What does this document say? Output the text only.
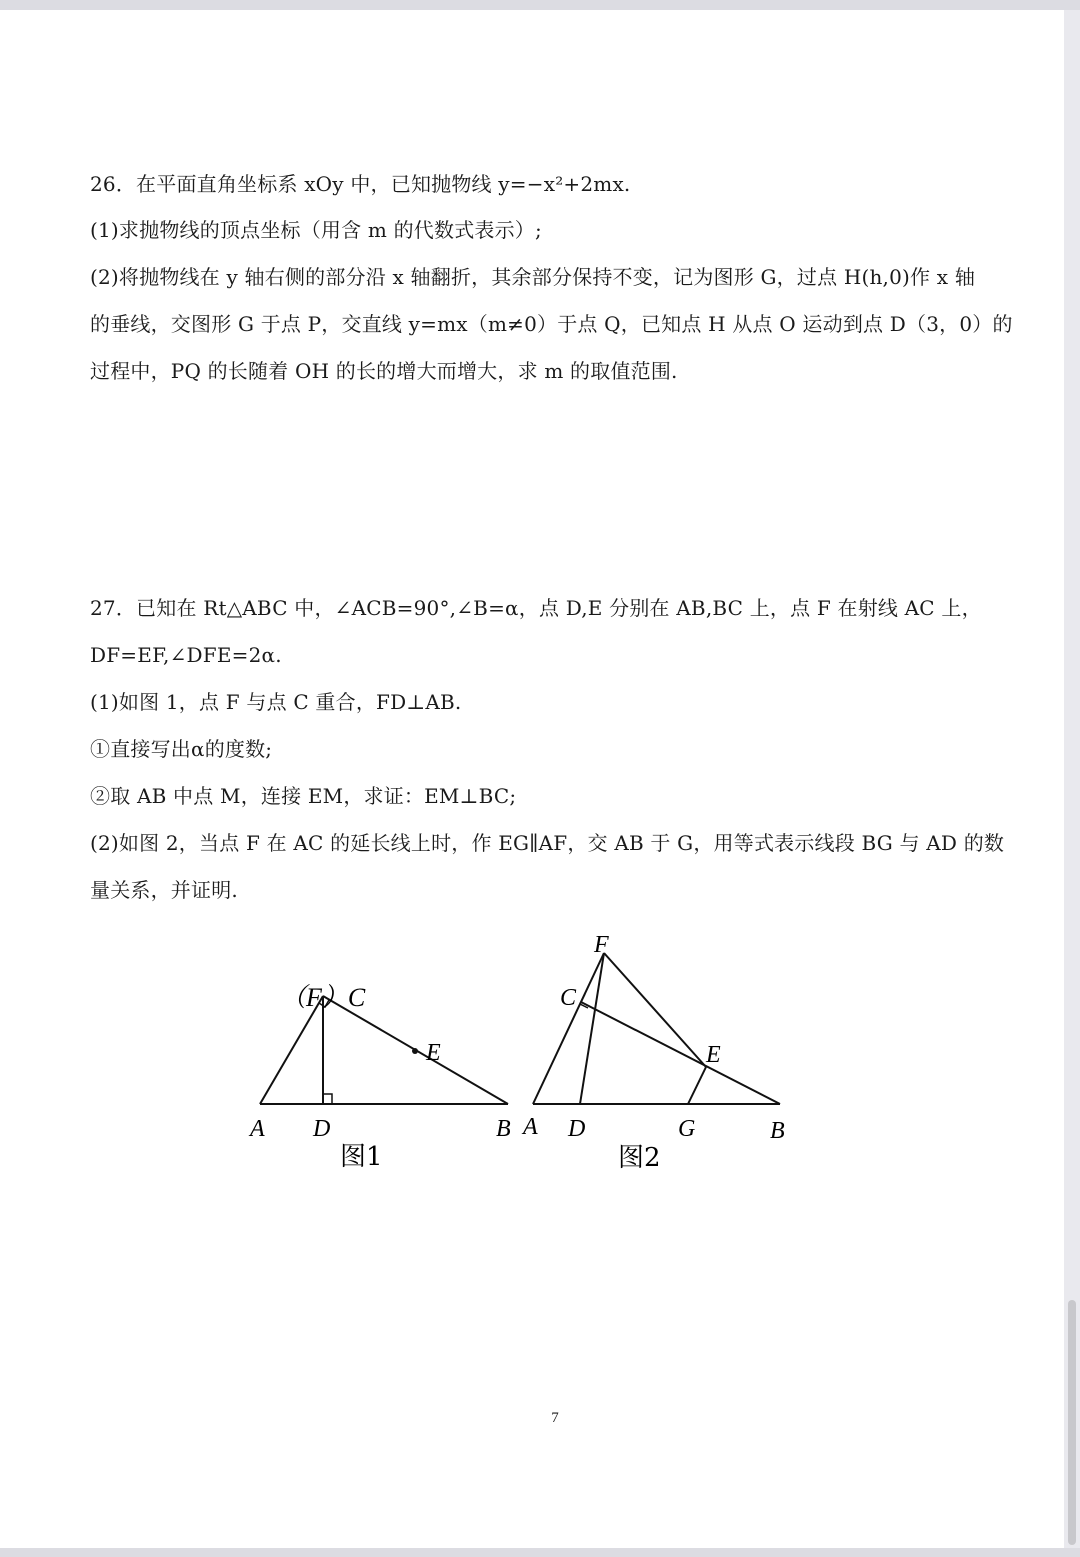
26．在平面直角坐标系 xOy 中，已知抛物线 y=−x²+2mx.
(1)求抛物线的顶点坐标（用含 m 的代数式表示）;
(2)将抛物线在 y 轴右侧的部分沿 x 轴翻折，其余部分保持不变，记为图形 G，过点 H(h,0)作 x 轴
的垂线，交图形 G 于点 P，交直线 y=mx（m≠0）于点 Q，已知点 H 从点 O 运动到点 D（3，0）的
过程中，PQ 的长随着 OH 的长的增大而增大，求 m 的取值范围.
27．已知在 Rt△ABC 中，∠ACB=90°,∠B=α，点 D,E 分别在 AB,BC 上，点 F 在射线 AC 上，
DF=EF,∠DFE=2α.
(1)如图 1，点 F 与点 C 重合，FD⊥AB.
①直接写出α的度数;
②取 AB 中点 M，连接 EM，求证：EM⊥BC;
(2)如图 2，当点 F 在 AC 的延长线上时，作 EG∥AF，交 AB 于 G，用等式表示线段 BG 与 AD 的数
量关系，并证明.
（F）C
E
A D	B
图1
F
C
E
A D	G	B
图2
7
